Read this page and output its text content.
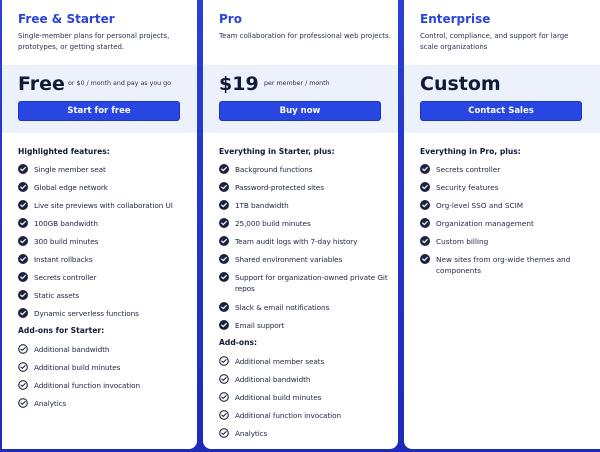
Free & Starter
Single-member plans for personal projects, prototypes, or getting started.
Free or $0 / month and pay as you go
Start for free
Highlighted features:
Single member seat
Global edge network
Live site previews with collaboration UI
100GB bandwidth
300 build minutes
Instant rollbacks
Secrets controller
Static assets
Dynamic serverless functions
Add-ons for Starter:
Additional bandwidth
Additional build minutes
Additional function invocation
Analytics
Pro
Team collaboration for professional web projects.
$19 per member / month
Buy now
Everything in Starter, plus:
Background functions
Password-protected sites
1TB bandwidth
25,000 build minutes
Team audit logs with 7-day history
Shared environment variables
Support for organization-owned private Git repos
Slack & email notifications
Email support
Add-ons:
Additional member seats
Additional bandwidth
Additional build minutes
Additional function invocation
Analytics
Enterprise
Control, compliance, and support for large scale organizations
Custom
Contact Sales
Everything in Pro, plus:
Secrets controller
Security features
Org-level SSO and SCIM
Organization management
Custom billing
New sites from org-wide themes and components
